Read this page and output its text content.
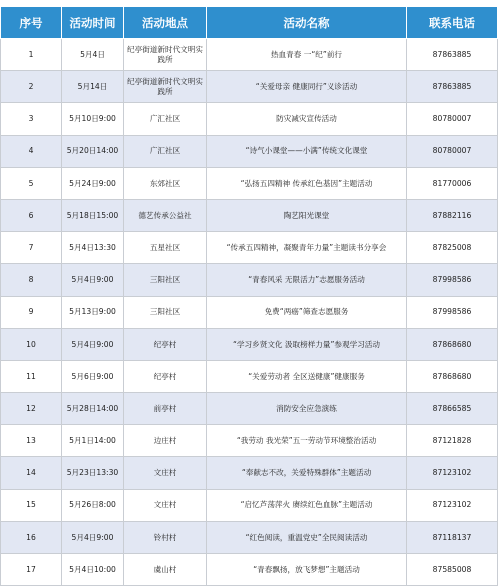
序号	活动时间	活动地点	活动名称	联系电话
1	5月4日	纪亭街道新时代文明实践所	热血青春 一“纪”前行	87863885
2	5月14日	纪亭街道新时代文明实践所	“关爱母亲 健康同行”义诊活动	87863885
3	5月10日9:00	广汇社区	防灾减灾宣传活动	80780007
4	5月20日14:00	广汇社区	“诗气小课堂——小满”传统文化课堂	80780007
5	5月24日9:00	东郊社区	“弘扬五四精神 传承红色基因”主题活动	81770006
6	5月18日15:00	德艺传承公益社	陶艺阳光课堂	87882116
7	5月4日13:30	五星社区	“传承五四精神，凝聚青年力量”主题读书分享会	87825008
8	5月4日9:00	三阳社区	“青春风采 无限活力”志愿服务活动	87998586
9	5月13日9:00	三阳社区	免费“两癌”筛查志愿服务	87998586
10	5月4日9:00	纪亭村	“学习乡贤文化 汲取榜样力量”参观学习活动	87868680
11	5月6日9:00	纪亭村	“关爱劳动者 全区送健康”健康服务	87868680
12	5月28日14:00	前亭村	消防安全应急演练	87866585
13	5月1日14:00	边庄村	“我劳动 我光荣”五一劳动节环境整治活动	87121828
14	5月23日13:30	文庄村	“奉献志不改，关爱特殊群体”主题活动	87123102
15	5月26日8:00	文庄村	“启忆芦荡萍火 赓续红色血脉”主题活动	87123102
16	5月4日9:00	铃村村	“红色阅读，重温党史”全民阅读活动	87118137
17	5月4日10:00	虞山村	“青春飘扬，放飞梦想”主题活动	87585008
